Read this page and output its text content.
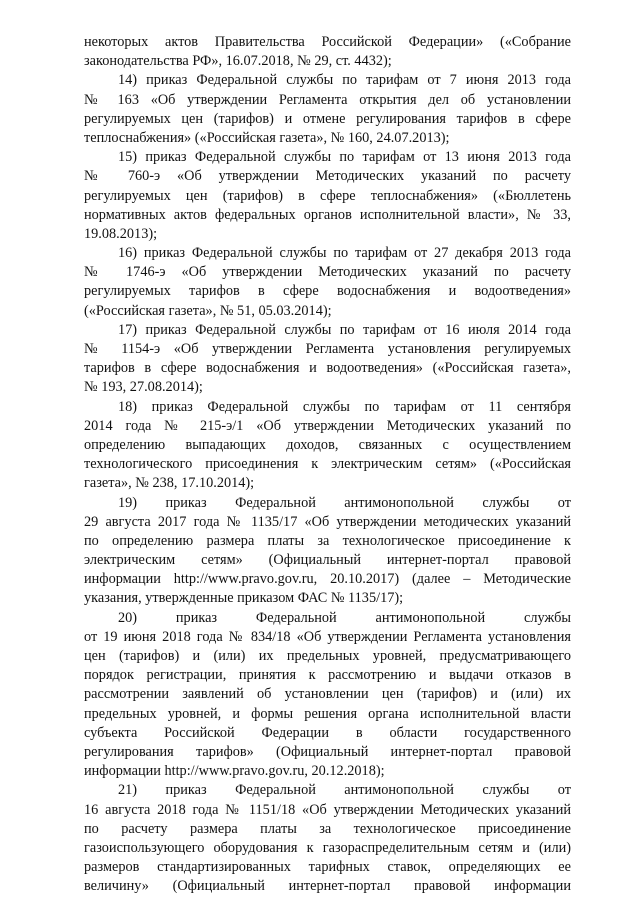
некоторых актов Правительства Российской Федерации» («Собрание
законодательства РФ», 16.07.2018, № 29, ст. 4432);
14) приказ Федеральной службы по тарифам от 7 июня 2013 года
№ 163 «Об утверждении Регламента открытия дел об установлении
регулируемых цен (тарифов) и отмене регулирования тарифов в сфере
теплоснабжения» («Российская газета», № 160, 24.07.2013);
15) приказ Федеральной службы по тарифам от 13 июня 2013 года
№ 760-э «Об утверждении Методических указаний по расчету
регулируемых цен (тарифов) в сфере теплоснабжения» («Бюллетень
нормативных актов федеральных органов исполнительной власти», № 33,
19.08.2013);
16) приказ Федеральной службы по тарифам от 27 декабря 2013 года
№ 1746-э «Об утверждении Методических указаний по расчету
регулируемых тарифов в сфере водоснабжения и водоотведения»
(«Российская газета», № 51, 05.03.2014);
17) приказ Федеральной службы по тарифам от 16 июля 2014 года
№ 1154-э «Об утверждении Регламента установления регулируемых
тарифов в сфере водоснабжения и водоотведения» («Российская газета»,
№ 193, 27.08.2014);
18) приказ Федеральной службы по тарифам от 11 сентября
2014 года № 215-э/1 «Об утверждении Методических указаний по
определению выпадающих доходов, связанных с осуществлением
технологического присоединения к электрическим сетям» («Российская
газета», № 238, 17.10.2014);
19) приказ Федеральной антимонопольной службы от
29 августа 2017 года № 1135/17 «Об утверждении методических указаний
по определению размера платы за технологическое присоединение к
электрическим сетям» (Официальный интернет-портал правовой
информации http://www.pravo.gov.ru, 20.10.2017) (далее – Методические
указания, утвержденные приказом ФАС № 1135/17);
20) приказ Федеральной антимонопольной службы
от 19 июня 2018 года № 834/18 «Об утверждении Регламента установления
цен (тарифов) и (или) их предельных уровней, предусматривающего
порядок регистрации, принятия к рассмотрению и выдачи отказов в
рассмотрении заявлений об установлении цен (тарифов) и (или) их
предельных уровней, и формы решения органа исполнительной власти
субъекта Российской Федерации в области государственного
регулирования тарифов» (Официальный интернет-портал правовой
информации http://www.pravo.gov.ru, 20.12.2018);
21) приказ Федеральной антимонопольной службы от
16 августа 2018 года № 1151/18 «Об утверждении Методических указаний
по расчету размера платы за технологическое присоединение
газоиспользующего оборудования к газораспределительным сетям и (или)
размеров стандартизированных тарифных ставок, определяющих ее
величину» (Официальный интернет-портал правовой информации
